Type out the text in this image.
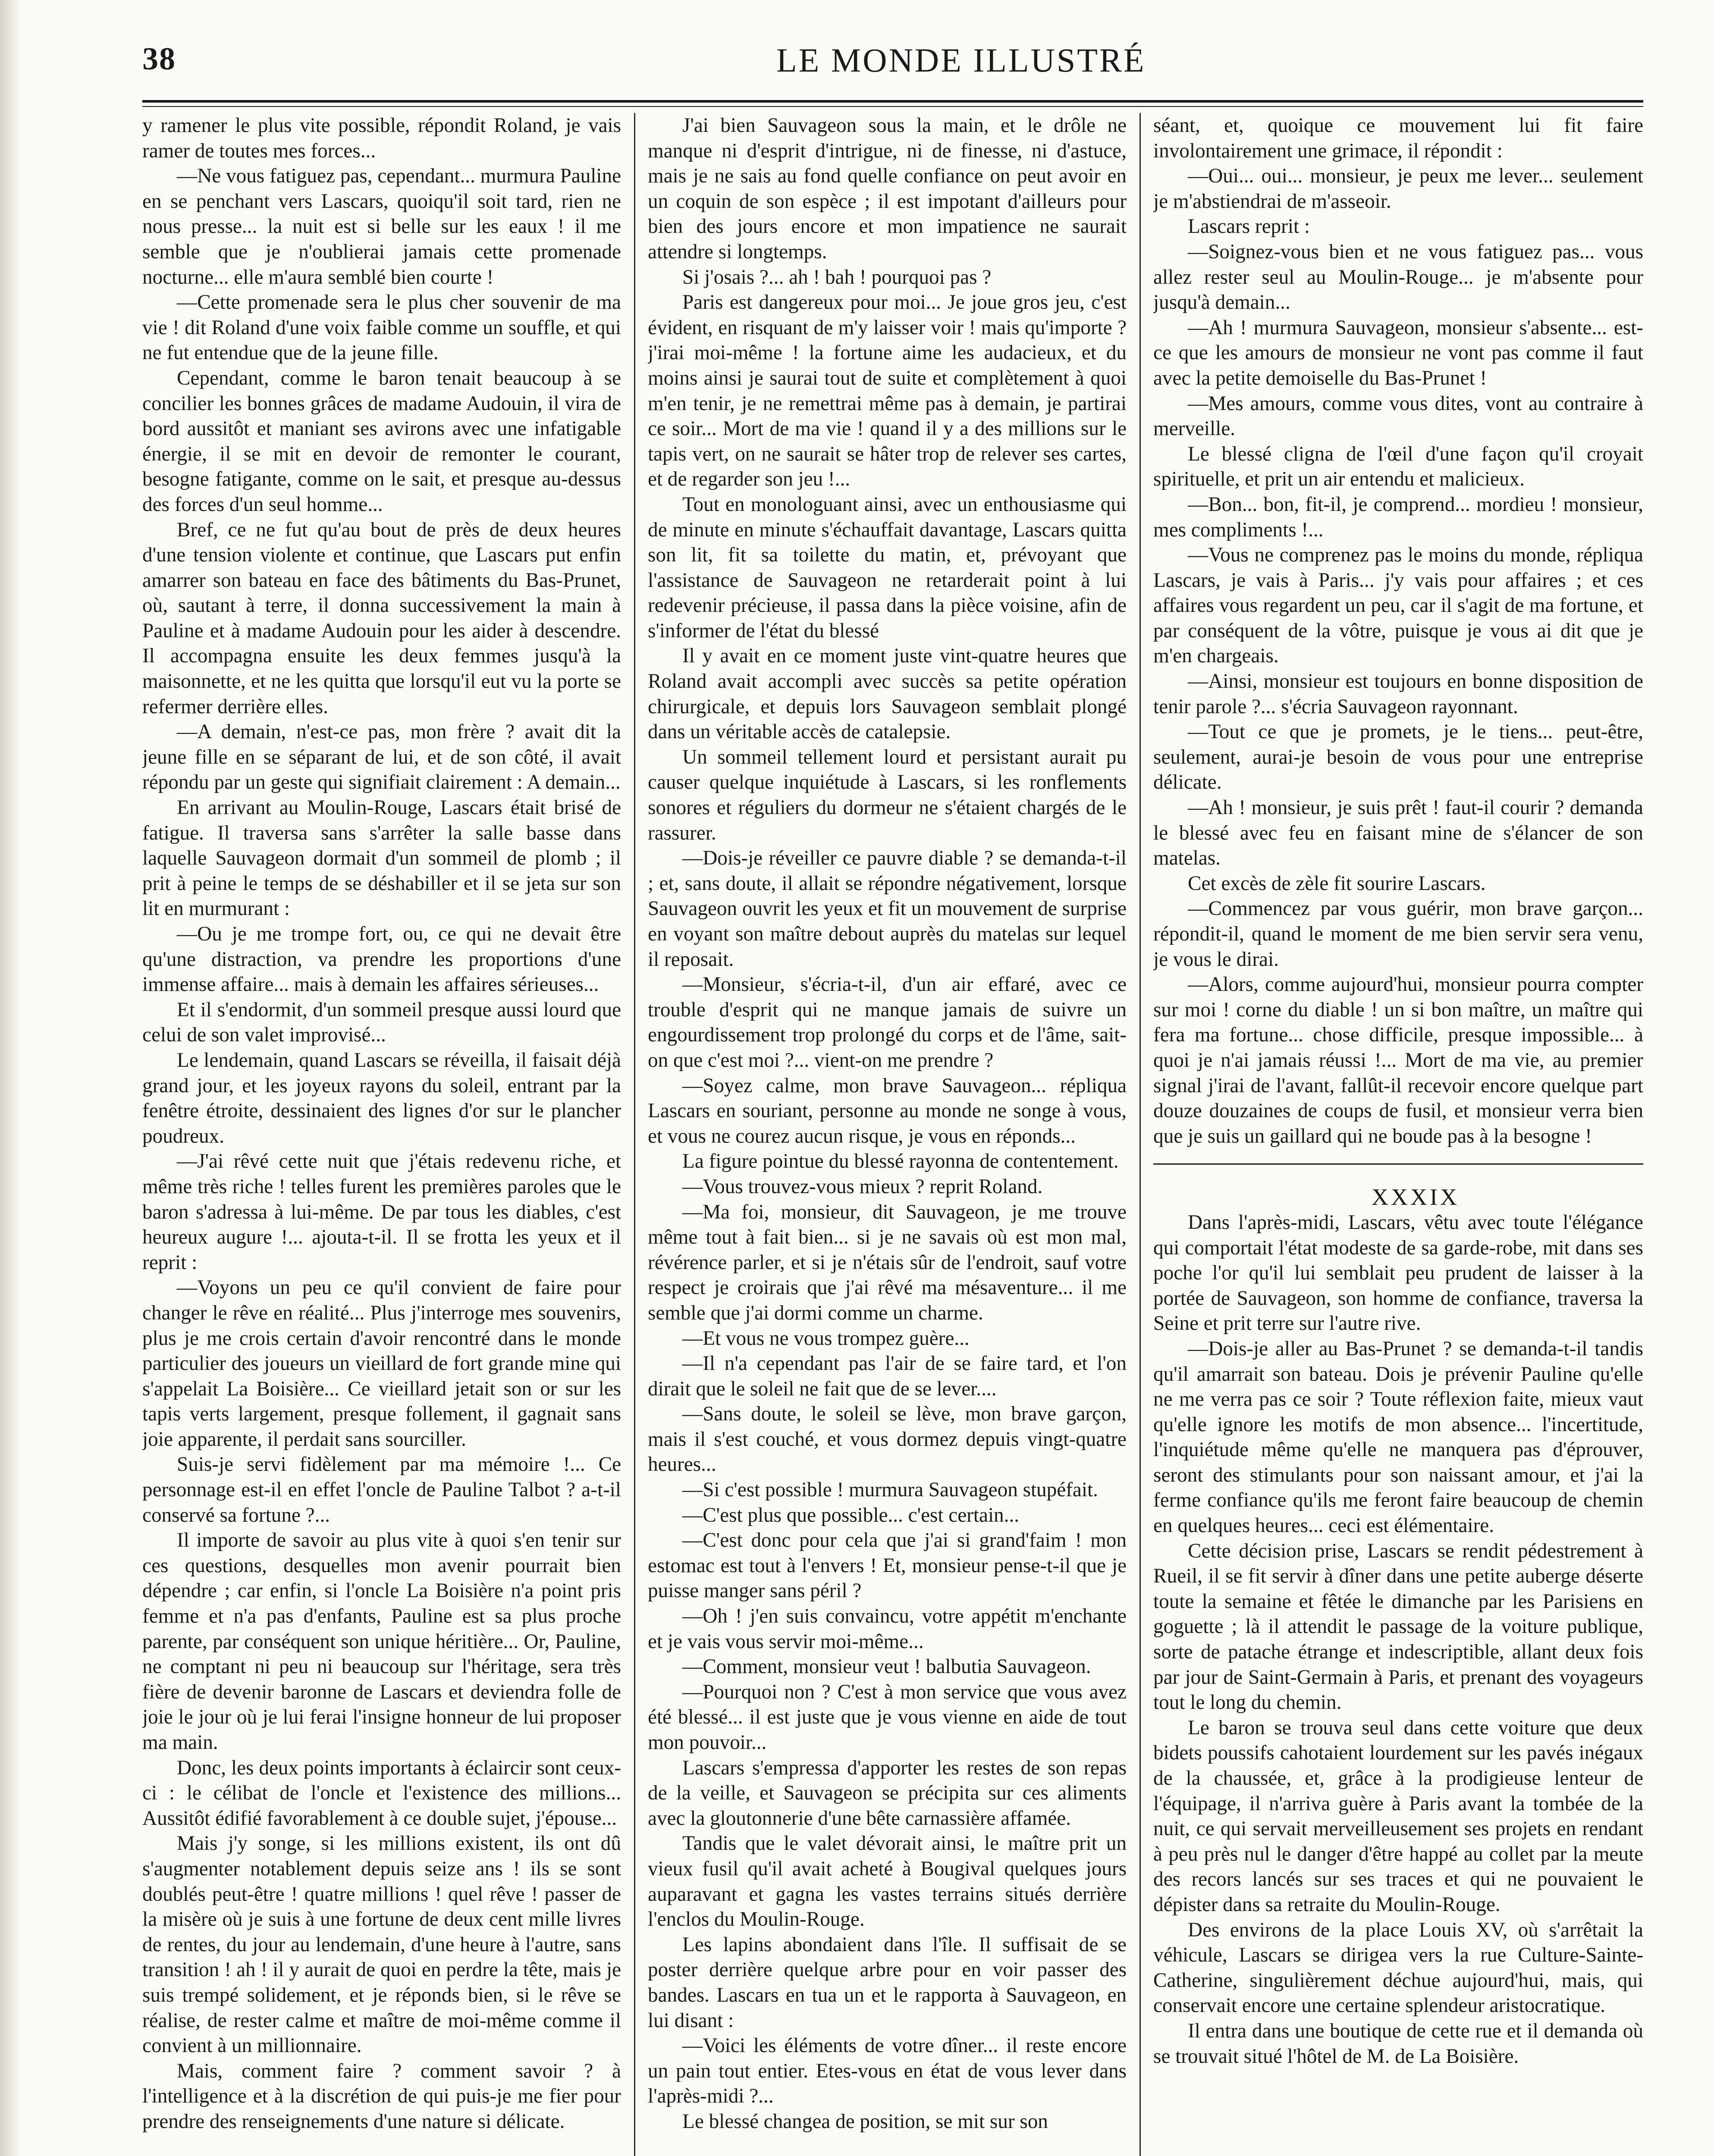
38	LE MONDE ILLUSTRÉ

y ramener le plus vite possible, répondit Roland, je vais ramer de toutes mes forces...

—Ne vous fatiguez pas, cependant... murmura Pauline en se penchant vers Lascars, quoiqu'il soit tard, rien ne nous presse... la nuit est si belle sur les eaux ! il me semble que je n'oublierai jamais cette promenade nocturne... elle m'aura semblé bien courte !

—Cette promenade sera le plus cher souvenir de ma vie ! dit Roland d'une voix faible comme un souffle, et qui ne fut entendue que de la jeune fille.

Cependant, comme le baron tenait beaucoup à se concilier les bonnes grâces de madame Audouin, il vira de bord aussitôt et maniant ses avirons avec une infatigable énergie, il se mit en devoir de remonter le courant, besogne fatigante, comme on le sait, et presque au-dessus des forces d'un seul homme...

Bref, ce ne fut qu'au bout de près de deux heures d'une tension violente et continue, que Lascars put enfin amarrer son bateau en face des bâtiments du Bas-Prunet, où, sautant à terre, il donna successivement la main à Pauline et à madame Audouin pour les aider à descendre. Il accompagna ensuite les deux femmes jusqu'à la maisonnette, et ne les quitta que lorsqu'il eut vu la porte se refermer derrière elles.

—A demain, n'est-ce pas, mon frère ? avait dit la jeune fille en se séparant de lui, et de son côté, il avait répondu par un geste qui signifiait clairement : A demain...

En arrivant au Moulin-Rouge, Lascars était brisé de fatigue. Il traversa sans s'arrêter la salle basse dans laquelle Sauvageon dormait d'un sommeil de plomb ; il prit à peine le temps de se déshabiller et il se jeta sur son lit en murmurant :

—Ou je me trompe fort, ou, ce qui ne devait être qu'une distraction, va prendre les proportions d'une immense affaire... mais à demain les affaires sérieuses...

Et il s'endormit, d'un sommeil presque aussi lourd que celui de son valet improvisé...

Le lendemain, quand Lascars se réveilla, il faisait déjà grand jour, et les joyeux rayons du soleil, entrant par la fenêtre étroite, dessinaient des lignes d'or sur le plancher poudreux.

—J'ai rêvé cette nuit que j'étais redevenu riche, et même très riche ! telles furent les premières paroles que le baron s'adressa à lui-même. De par tous les diables, c'est heureux augure !... ajouta-t-il. Il se frotta les yeux et il reprit :

—Voyons un peu ce qu'il convient de faire pour changer le rêve en réalité... Plus j'interroge mes souvenirs, plus je me crois certain d'avoir rencontré dans le monde particulier des joueurs un vieillard de fort grande mine qui s'appelait La Boisière... Ce vieillard jetait son or sur les tapis verts largement, presque follement, il gagnait sans joie apparente, il perdait sans sourciller.

Suis-je servi fidèlement par ma mémoire !... Ce personnage est-il en effet l'oncle de Pauline Talbot ? a-t-il conservé sa fortune ?...

Il importe de savoir au plus vite à quoi s'en tenir sur ces questions, desquelles mon avenir pourrait bien dépendre ; car enfin, si l'oncle La Boisière n'a point pris femme et n'a pas d'enfants, Pauline est sa plus proche parente, par conséquent son unique héritière... Or, Pauline, ne comptant ni peu ni beaucoup sur l'héritage, sera très fière de devenir baronne de Lascars et deviendra folle de joie le jour où je lui ferai l'insigne honneur de lui proposer ma main.

Donc, les deux points importants à éclaircir sont ceux-ci : le célibat de l'oncle et l'existence des millions... Aussitôt édifié favorablement à ce double sujet, j'épouse...

Mais j'y songe, si les millions existent, ils ont dû s'augmenter notablement depuis seize ans ! ils se sont doublés peut-être ! quatre millions ! quel rêve ! passer de la misère où je suis à une fortune de deux cent mille livres de rentes, du jour au lendemain, d'une heure à l'autre, sans transition ! ah ! il y aurait de quoi en perdre la tête, mais je suis trempé solidement, et je réponds bien, si le rêve se réalise, de rester calme et maître de moi-même comme il convient à un millionnaire.

Mais, comment faire ? comment savoir ? à l'intelligence et à la discrétion de qui puis-je me fier pour prendre des renseignements d'une nature si délicate.

J'ai bien Sauvageon sous la main, et le drôle ne manque ni d'esprit d'intrigue, ni de finesse, ni d'astuce, mais je ne sais au fond quelle confiance on peut avoir en un coquin de son espèce ; il est impotant d'ailleurs pour bien des jours encore et mon impatience ne saurait attendre si longtemps.

Si j'osais ?... ah ! bah ! pourquoi pas ?

Paris est dangereux pour moi... Je joue gros jeu, c'est évident, en risquant de m'y laisser voir ! mais qu'importe ? j'irai moi-même ! la fortune aime les audacieux, et du moins ainsi je saurai tout de suite et complètement à quoi m'en tenir, je ne remettrai même pas à demain, je partirai ce soir... Mort de ma vie ! quand il y a des millions sur le tapis vert, on ne saurait se hâter trop de relever ses cartes, et de regarder son jeu !...

Tout en monologuant ainsi, avec un enthousiasme qui de minute en minute s'échauffait davantage, Lascars quitta son lit, fit sa toilette du matin, et, prévoyant que l'assistance de Sauvageon ne retarderait point à lui redevenir précieuse, il passa dans la pièce voisine, afin de s'informer de l'état du blessé

Il y avait en ce moment juste vint-quatre heures que Roland avait accompli avec succès sa petite opération chirurgicale, et depuis lors Sauvageon semblait plongé dans un véritable accès de catalepsie.

Un sommeil tellement lourd et persistant aurait pu causer quelque inquiétude à Lascars, si les ronflements sonores et réguliers du dormeur ne s'étaient chargés de le rassurer.

—Dois-je réveiller ce pauvre diable ? se demanda-t-il ; et, sans doute, il allait se répondre négativement, lorsque Sauvageon ouvrit les yeux et fit un mouvement de surprise en voyant son maître debout auprès du matelas sur lequel il reposait.

—Monsieur, s'écria-t-il, d'un air effaré, avec ce trouble d'esprit qui ne manque jamais de suivre un engourdissement trop prolongé du corps et de l'âme, sait-on que c'est moi ?... vient-on me prendre ?

—Soyez calme, mon brave Sauvageon... répliqua Lascars en souriant, personne au monde ne songe à vous, et vous ne courez aucun risque, je vous en réponds...

La figure pointue du blessé rayonna de contentement.

—Vous trouvez-vous mieux ? reprit Roland.

—Ma foi, monsieur, dit Sauvageon, je me trouve même tout à fait bien... si je ne savais où est mon mal, révérence parler, et si je n'étais sûr de l'endroit, sauf votre respect je croirais que j'ai rêvé ma mésaventure... il me semble que j'ai dormi comme un charme.

—Et vous ne vous trompez guère...

—Il n'a cependant pas l'air de se faire tard, et l'on dirait que le soleil ne fait que de se lever....

—Sans doute, le soleil se lève, mon brave garçon, mais il s'est couché, et vous dormez depuis vingt-quatre heures...

—Si c'est possible ! murmura Sauvageon stupéfait.

—C'est plus que possible... c'est certain...

—C'est donc pour cela que j'ai si grand'faim ! mon estomac est tout à l'envers ! Et, monsieur pense-t-il que je puisse manger sans péril ?

—Oh ! j'en suis convaincu, votre appétit m'enchante et je vais vous servir moi-même...

—Comment, monsieur veut ! balbutia Sauvageon.

—Pourquoi non ? C'est à mon service que vous avez été blessé... il est juste que je vous vienne en aide de tout mon pouvoir...

Lascars s'empressa d'apporter les restes de son repas de la veille, et Sauvageon se précipita sur ces aliments avec la gloutonnerie d'une bête carnassière affamée.

Tandis que le valet dévorait ainsi, le maître prit un vieux fusil qu'il avait acheté à Bougival quelques jours auparavant et gagna les vastes terrains situés derrière l'enclos du Moulin-Rouge.

Les lapins abondaient dans l'île. Il suffisait de se poster derrière quelque arbre pour en voir passer des bandes. Lascars en tua un et le rapporta à Sauvageon, en lui disant :

—Voici les éléments de votre dîner... il reste encore un pain tout entier. Etes-vous en état de vous lever dans l'après-midi ?...

Le blessé changea de position, se mit sur son

séant, et, quoique ce mouvement lui fit faire involontairement une grimace, il répondit :

—Oui... oui... monsieur, je peux me lever... seulement je m'abstiendrai de m'asseoir.

Lascars reprit :

—Soignez-vous bien et ne vous fatiguez pas... vous allez rester seul au Moulin-Rouge... je m'absente pour jusqu'à demain...

—Ah ! murmura Sauvageon, monsieur s'absente... est-ce que les amours de monsieur ne vont pas comme il faut avec la petite demoiselle du Bas-Prunet !

—Mes amours, comme vous dites, vont au contraire à merveille.

Le blessé cligna de l'œil d'une façon qu'il croyait spirituelle, et prit un air entendu et malicieux.

—Bon... bon, fit-il, je comprend... mordieu ! monsieur, mes compliments !...

—Vous ne comprenez pas le moins du monde, répliqua Lascars, je vais à Paris... j'y vais pour affaires ; et ces affaires vous regardent un peu, car il s'agit de ma fortune, et par conséquent de la vôtre, puisque je vous ai dit que je m'en chargeais.

—Ainsi, monsieur est toujours en bonne disposition de tenir parole ?... s'écria Sauvageon rayonnant.

—Tout ce que je promets, je le tiens... peut-être, seulement, aurai-je besoin de vous pour une entreprise délicate.

—Ah ! monsieur, je suis prêt ! faut-il courir ? demanda le blessé avec feu en faisant mine de s'élancer de son matelas.

Cet excès de zèle fit sourire Lascars.

—Commencez par vous guérir, mon brave garçon... répondit-il, quand le moment de me bien servir sera venu, je vous le dirai.

—Alors, comme aujourd'hui, monsieur pourra compter sur moi ! corne du diable ! un si bon maître, un maître qui fera ma fortune... chose difficile, presque impossible... à quoi je n'ai jamais réussi !... Mort de ma vie, au premier signal j'irai de l'avant, fallût-il recevoir encore quelque part douze douzaines de coups de fusil, et monsieur verra bien que je suis un gaillard qui ne boude pas à la besogne !

XXXIX

Dans l'après-midi, Lascars, vêtu avec toute l'élégance qui comportait l'état modeste de sa garde-robe, mit dans ses poche l'or qu'il lui semblait peu prudent de laisser à la portée de Sauvageon, son homme de confiance, traversa la Seine et prit terre sur l'autre rive.

—Dois-je aller au Bas-Prunet ? se demanda-t-il tandis qu'il amarrait son bateau. Dois je prévenir Pauline qu'elle ne me verra pas ce soir ? Toute réflexion faite, mieux vaut qu'elle ignore les motifs de mon absence... l'incertitude, l'inquiétude même qu'elle ne manquera pas d'éprouver, seront des stimulants pour son naissant amour, et j'ai la ferme confiance qu'ils me feront faire beaucoup de chemin en quelques heures... ceci est élémentaire.

Cette décision prise, Lascars se rendit pédestrement à Rueil, il se fit servir à dîner dans une petite auberge déserte toute la semaine et fêtée le dimanche par les Parisiens en goguette ; là il attendit le passage de la voiture publique, sorte de patache étrange et indescriptible, allant deux fois par jour de Saint-Germain à Paris, et prenant des voyageurs tout le long du chemin.

Le baron se trouva seul dans cette voiture que deux bidets poussifs cahotaient lourdement sur les pavés inégaux de la chaussée, et, grâce à la prodigieuse lenteur de l'équipage, il n'arriva guère à Paris avant la tombée de la nuit, ce qui servait merveilleusement ses projets en rendant à peu près nul le danger d'être happé au collet par la meute des recors lancés sur ses traces et qui ne pouvaient le dépister dans sa retraite du Moulin-Rouge.

Des environs de la place Louis XV, où s'arrêtait la véhicule, Lascars se dirigea vers la rue Culture-Sainte-Catherine, singulièrement déchue aujourd'hui, mais, qui conservait encore une certaine splendeur aristocratique.

Il entra dans une boutique de cette rue et il demanda où se trouvait situé l'hôtel de M. de La Boisière.
